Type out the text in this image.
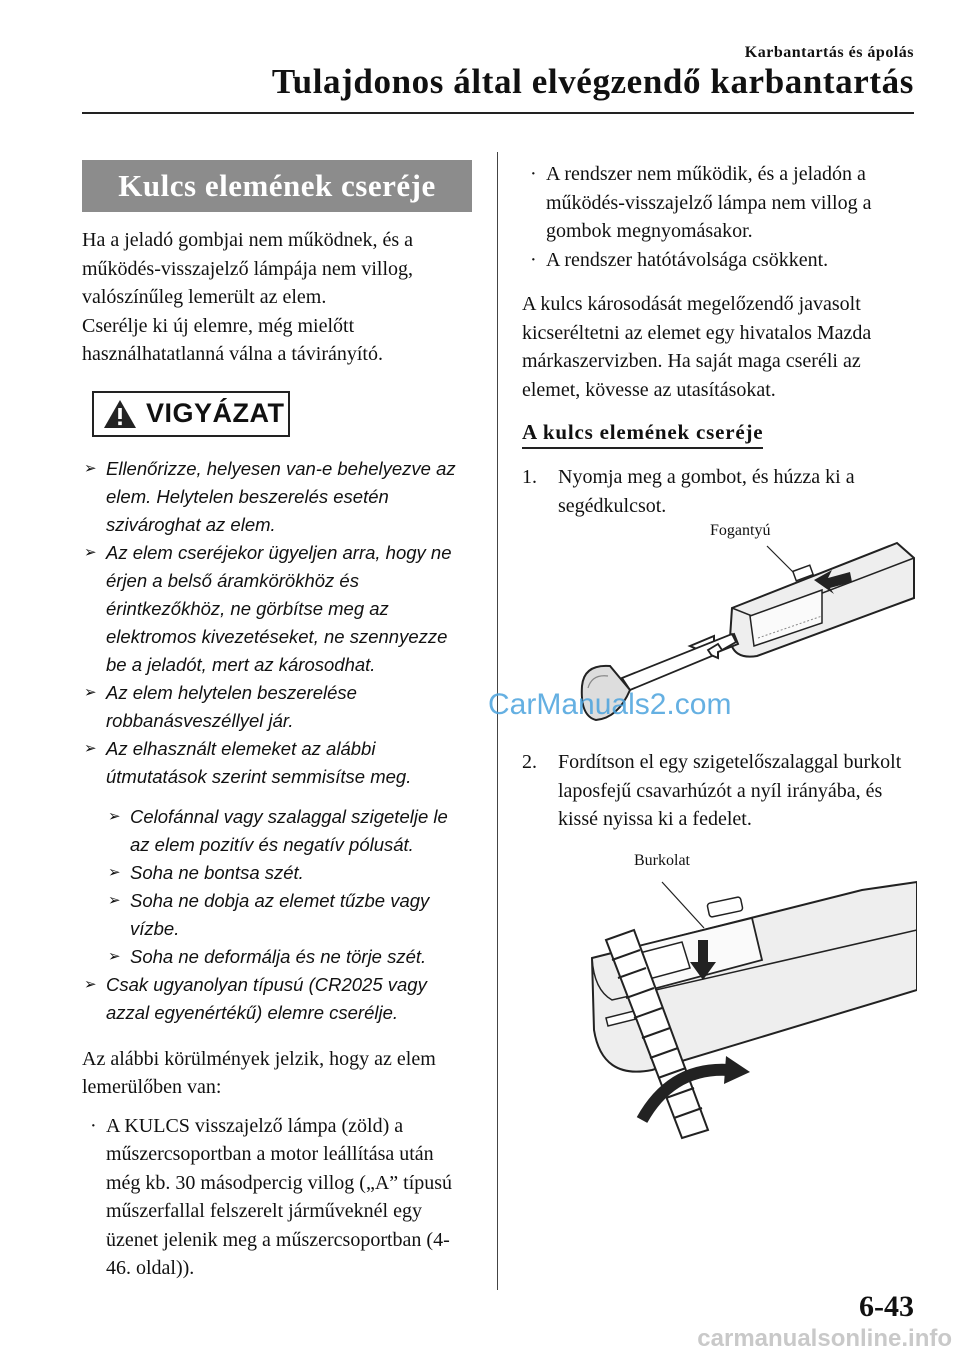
Karbantartás és ápolás
Tulajdonos által elvégzendő karbantartás
Kulcs elemének cseréje

Ha a jeladó gombjai nem működnek, és a működés-visszajelző lámpája nem villog, valószínűleg lemerült az elem.

Cserélje ki új elemre, még mielőtt használhatatlanná válna a távirányító.

VIGYÁZAT
➢ Ellenőrizze, helyesen van-e behelyezve az elem. Helytelen beszerelés esetén szivároghat az elem.
➢ Az elem cseréjekor ügyeljen arra, hogy ne érjen a belső áramkörökhöz és érintkezőkhöz, ne görbítse meg az elektromos kivezetéseket, ne szennyezze be a jeladót, mert az károsodhat.
➢ Az elem helytelen beszerelése robbanásveszéllyel jár.
➢ Az elhasznált elemeket az alábbi útmutatások szerint semmisítse meg.
➢ Celofánnal vagy szalaggal szigetelje le az elem pozitív és negatív pólusát.
➢ Soha ne bontsa szét.
➢ Soha ne dobja az elemet tűzbe vagy vízbe.
➢ Soha ne deformálja és ne törje szét.
➢ Csak ugyanolyan típusú (CR2025 vagy azzal egyenértékű) elemre cserélje.

Az alábbi körülmények jelzik, hogy az elem lemerülőben van:

· A KULCS visszajelző lámpa (zöld) a műszercsoportban a motor leállítása után még kb. 30 másodpercig villog („A” típusú műszerfallal felszerelt járműveknél egy üzenet jelenik meg a műszercsoportban (4-46. oldal)).
· A rendszer nem működik, és a jeladón a működés-visszajelző lámpa nem villog a gombok megnyomásakor.
· A rendszer hatótávolsága csökkent.

A kulcs károsodását megelőzendő javasolt kicseréltetni az elemet egy hivatalos Mazda márkaszervizben. Ha saját maga cseréli az elemet, kövesse az utasításokat.

A kulcs elemének cseréje
1. Nyomja meg a gombot, és húzza ki a segédkulcsot.
Fogantyú
2. Fordítson el egy szigetelőszalaggal burkolt laposfejű csavarhúzót a nyíl irányába, és kissé nyissa ki a fedelet.
Burkolat
CarManuals2.com
6-43
carmanualsonline.info
